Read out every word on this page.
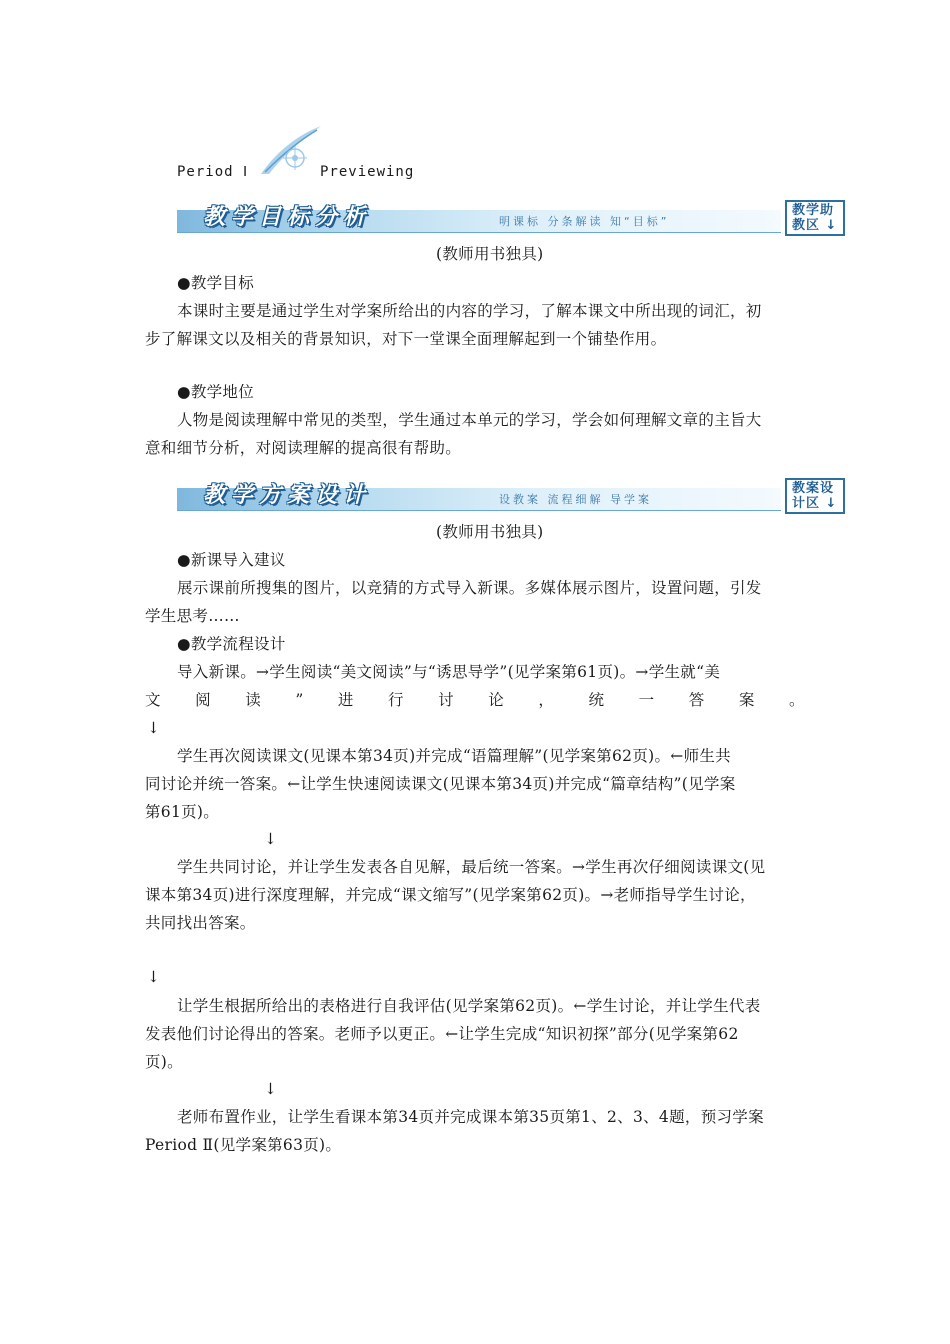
Period Ⅰ	Previewing
教学目标分析	明课标 分条解读 知“目标”
教学助
教区 ↓
(教师用书独具)
●教学目标
本课时主要是通过学生对学案所给出的内容的学习，了解本课文中所出现的词汇，初
步了解课文以及相关的背景知识，对下一堂课全面理解起到一个铺垫作用。
●教学地位
人物是阅读理解中常见的类型，学生通过本单元的学习，学会如何理解文章的主旨大
意和细节分析，对阅读理解的提高很有帮助。
教学方案设计	设教案 流程细解 导学案
教案设
计区 ↓
(教师用书独具)
●新课导入建议
展示课前所搜集的图片，以竞猜的方式导入新课。多媒体展示图片，设置问题，引发
学生思考……
●教学流程设计
导入新课。→学生阅读“美文阅读”与“诱思导学”(见学案第61页)。→学生就“美
文 阅 读 ” 进 行 讨 论 ， 统 一 答 案 。
↓
学生再次阅读课文(见课本第34页)并完成“语篇理解”(见学案第62页)。←师生共
同讨论并统一答案。←让学生快速阅读课文(见课本第34页)并完成“篇章结构”(见学案
第61页)。
↓
学生共同讨论，并让学生发表各自见解，最后统一答案。→学生再次仔细阅读课文(见
课本第34页)进行深度理解，并完成“课文缩写”(见学案第62页)。→老师指导学生讨论，
共同找出答案。
↓
让学生根据所给出的表格进行自我评估(见学案第62页)。←学生讨论，并让学生代表
发表他们讨论得出的答案。老师予以更正。←让学生完成“知识初探”部分(见学案第62
页)。
↓
老师布置作业，让学生看课本第34页并完成课本第35页第1、2、3、4题，预习学案
Period Ⅱ(见学案第63页)。
